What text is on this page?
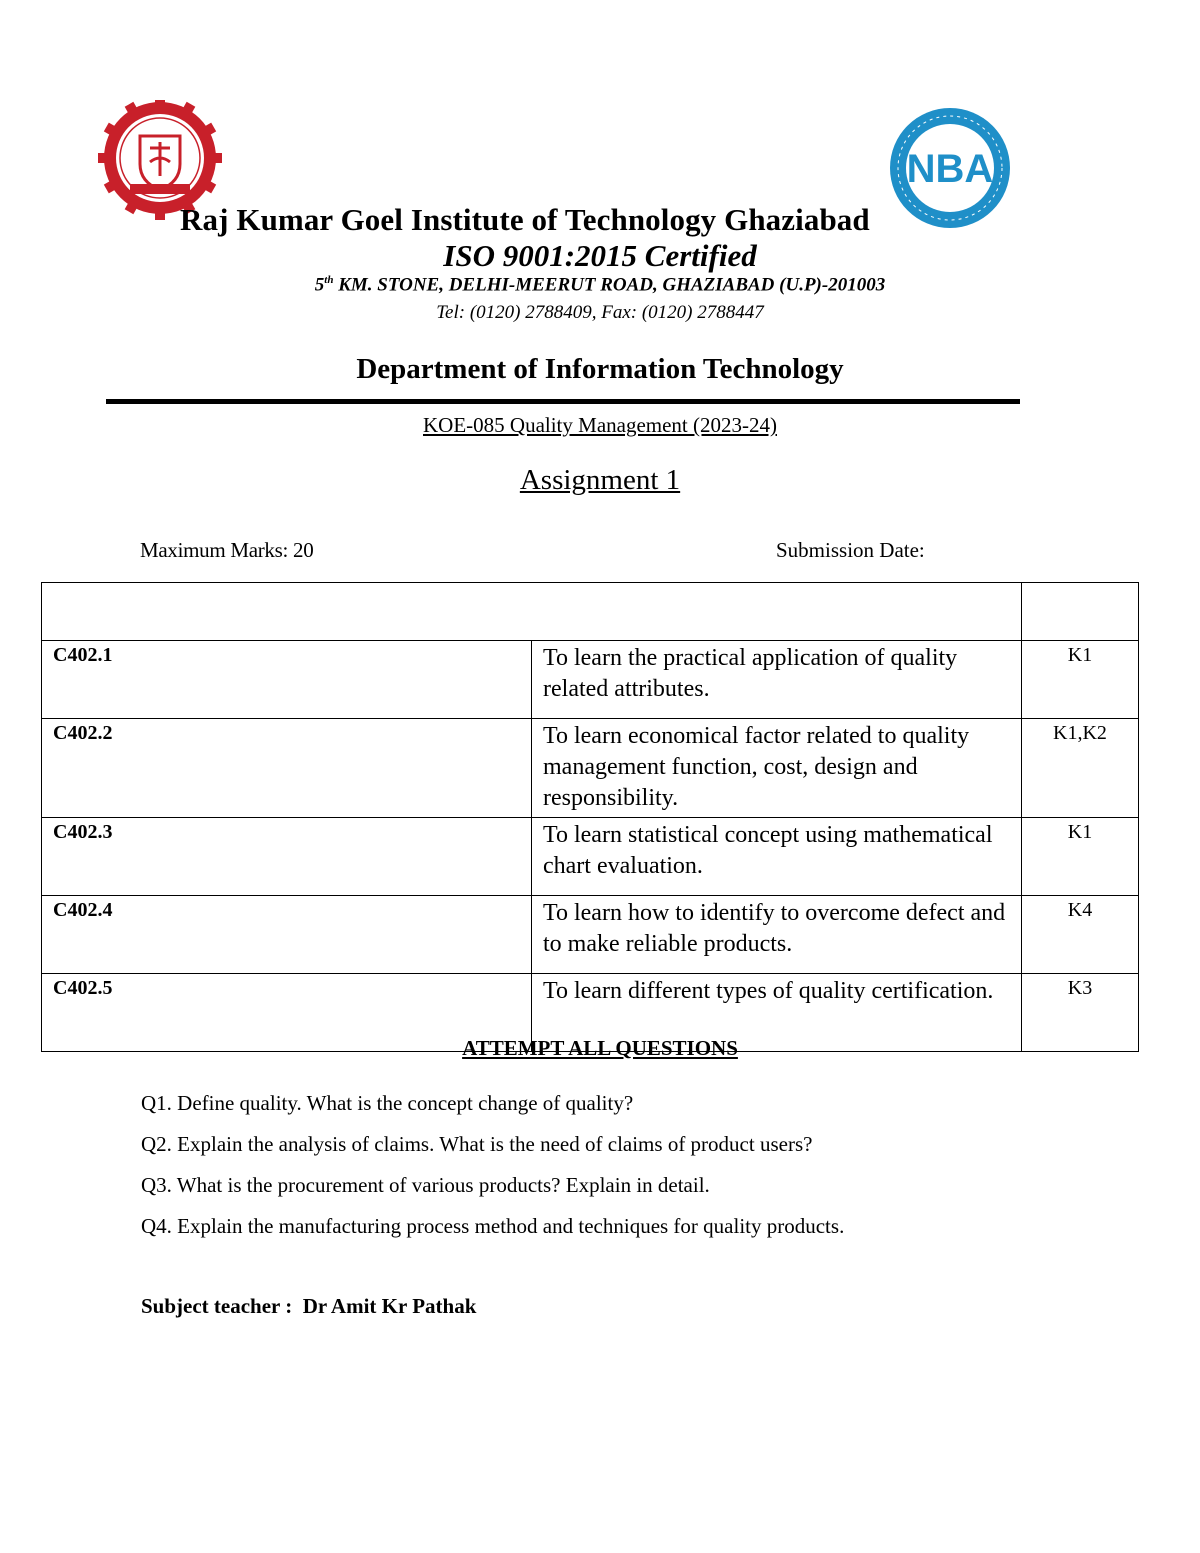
NBA
Raj Kumar Goel Institute of Technology Ghaziabad
ISO 9001:2015 Certified
5th KM. STONE, DELHI-MEERUT ROAD, GHAZIABAD (U.P)-201003
Tel: (0120) 2788409, Fax: (0120) 2788447
Department of Information Technology
KOE-085 Quality Management (2023-24)
Assignment 1
Maximum Marks: 20	Submission Date:

C402.1	To learn the practical application of quality related attributes.	K1
C402.2	To learn economical factor related to quality management function, cost, design and responsibility.	K1,K2
C402.3	To learn statistical concept using mathematical chart evaluation.	K1
C402.4	To learn how to identify to overcome defect and to make reliable products.	K4
C402.5	To learn different types of quality certification.	K3
ATTEMPT ALL QUESTIONS
Q1. Define quality. What is the concept change of quality?
Q2. Explain the analysis of claims. What is the need of claims of product users?
Q3. What is the procurement of various products? Explain in detail.
Q4. Explain the manufacturing process method and techniques for quality products.
Subject teacher :  Dr Amit Kr Pathak
